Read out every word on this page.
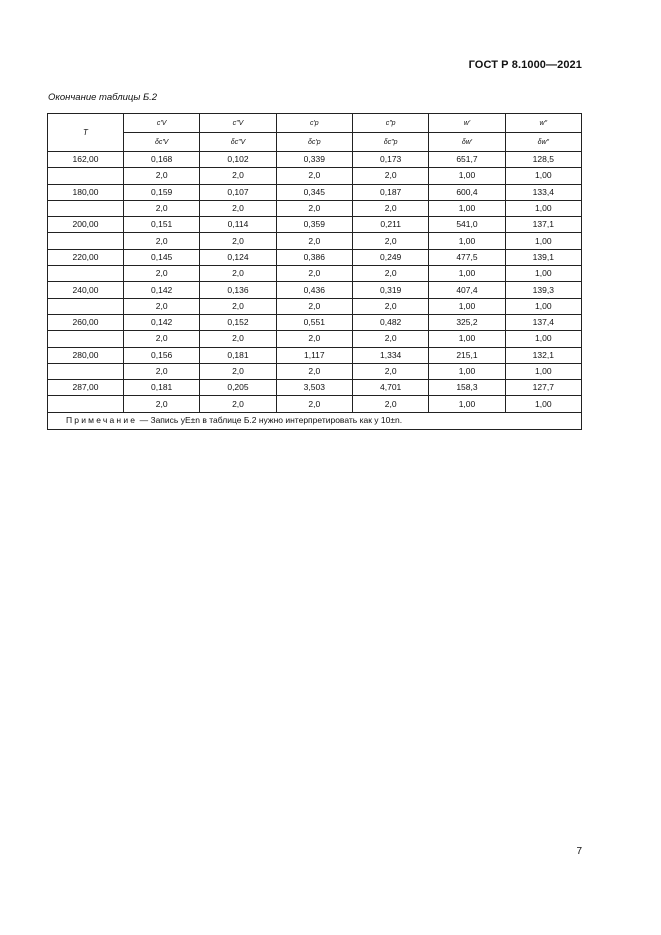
ГОСТ Р 8.1000—2021
Окончание таблицы Б.2
T	c′V	c″V	c′p	c″p	w′	w″
	δc′V	δc″V	δc′p	δc″p	δw′	δw″
162,00	0,168	0,102	0,339	0,173	651,7	128,5
	2,0	2,0	2,0	2,0	1,00	1,00
180,00	0,159	0,107	0,345	0,187	600,4	133,4
	2,0	2,0	2,0	2,0	1,00	1,00
200,00	0,151	0,114	0,359	0,211	541,0	137,1
	2,0	2,0	2,0	2,0	1,00	1,00
220,00	0,145	0,124	0,386	0,249	477,5	139,1
	2,0	2,0	2,0	2,0	1,00	1,00
240,00	0,142	0,136	0,436	0,319	407,4	139,3
	2,0	2,0	2,0	2,0	1,00	1,00
260,00	0,142	0,152	0,551	0,482	325,2	137,4
	2,0	2,0	2,0	2,0	1,00	1,00
280,00	0,156	0,181	1,117	1,334	215,1	132,1
	2,0	2,0	2,0	2,0	1,00	1,00
287,00	0,181	0,205	3,503	4,701	158,3	127,7
	2,0	2,0	2,0	2,0	1,00	1,00
Примечание — Запись yE±n в таблице Б.2 нужно интерпретировать как y 10±n.						
7
